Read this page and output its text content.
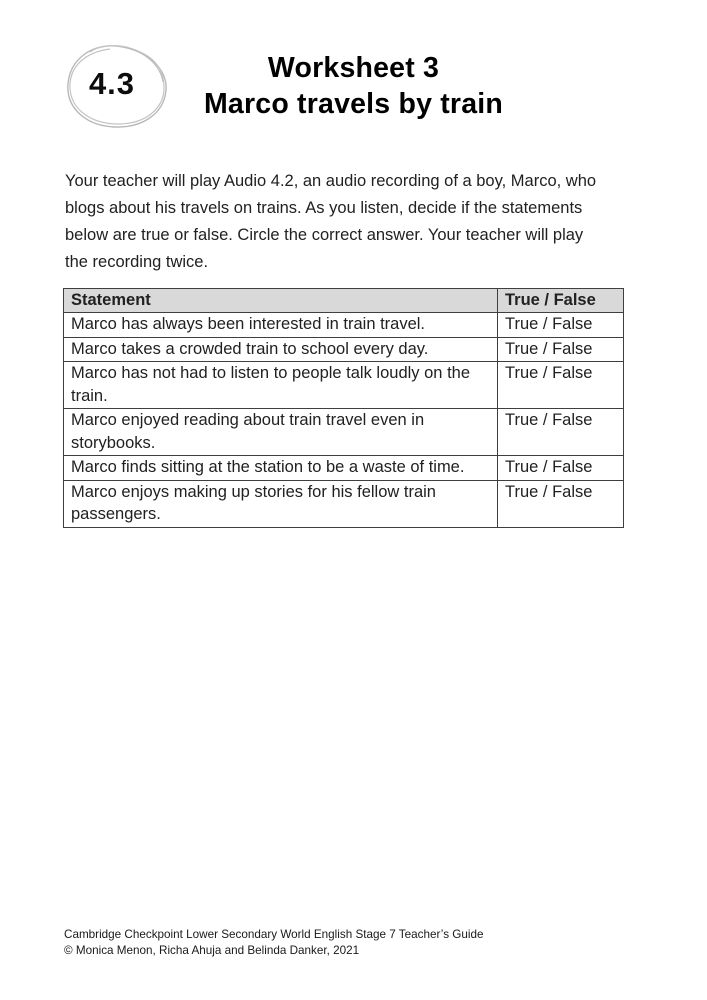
4.3	Worksheet 3
Marco travels by train
Your teacher will play Audio 4.2, an audio recording of a boy, Marco, who
blogs about his travels on trains. As you listen, decide if the statements
below are true or false. Circle the correct answer. Your teacher will play
the recording twice.
Statement	True / False
Marco has always been interested in train travel.	True / False
Marco takes a crowded train to school every day.	True / False
Marco has not had to listen to people talk loudly on the train.	True / False
Marco enjoyed reading about train travel even in storybooks.	True / False
Marco finds sitting at the station to be a waste of time.	True / False
Marco enjoys making up stories for his fellow train passengers.	True / False
Cambridge Checkpoint Lower Secondary World English Stage 7 Teacher’s Guide
© Monica Menon, Richa Ahuja and Belinda Danker, 2021
